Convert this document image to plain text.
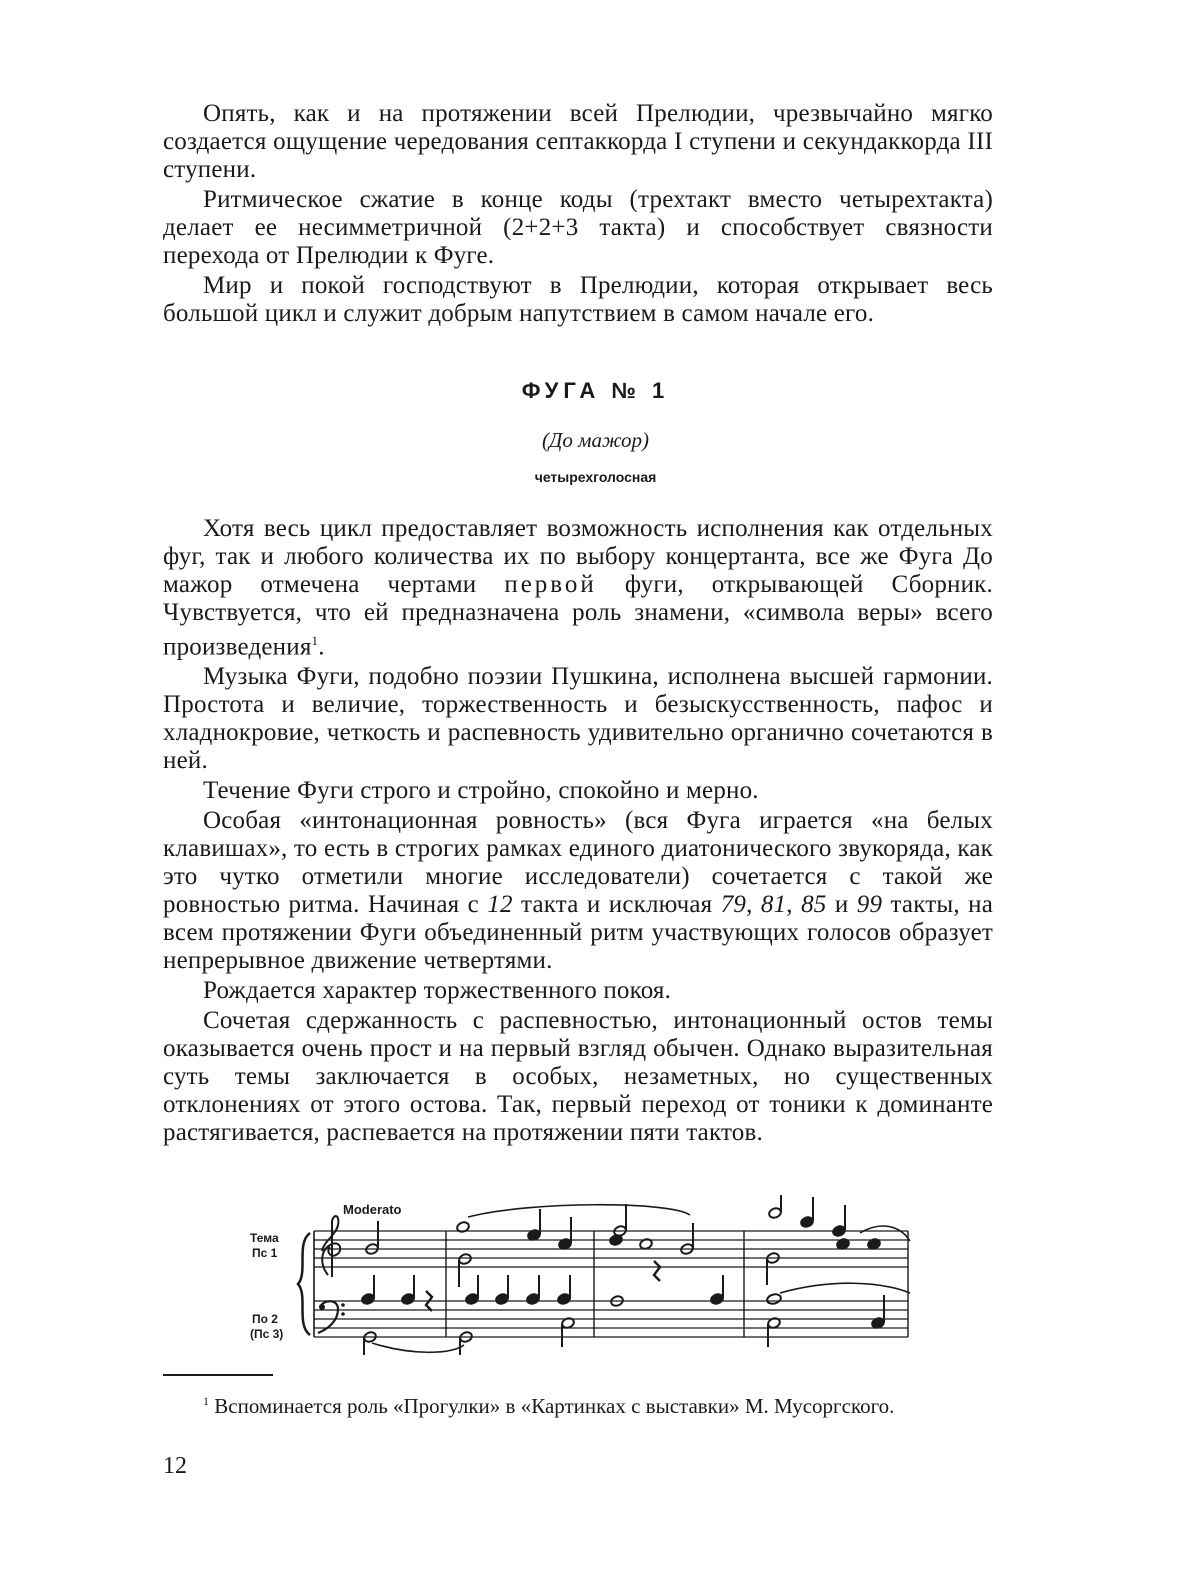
Опять, как и на протяжении всей Прелюдии, чрезвычайно мягко создается ощущение чередования септаккорда I ступени и секундаккорда III ступени.

Ритмическое сжатие в конце коды (трехтакт вместо четырехтакта) делает ее несимметричной (2+2+3 такта) и способствует связности перехода от Прелюдии к Фуге.

Мир и покой господствуют в Прелюдии, которая открывает весь большой цикл и служит добрым напутствием в самом начале его.

ФУГА № 1
(До мажор)
четырехголосная

Хотя весь цикл предоставляет возможность исполнения как отдельных фуг, так и любого количества их по выбору концертанта, все же Фуга До мажор отмечена чертами первой фуги, открывающей Сборник. Чувствуется, что ей предназначена роль знамени, «символа веры» всего произведения$^1$.

Музыка Фуги, подобно поэзии Пушкина, исполнена высшей гармонии. Простота и величие, торжественность и безыскусственность, пафос и хладнокровие, четкость и распевность удивительно органично сочетаются в ней.

Течение Фуги строго и стройно, спокойно и мерно.

Особая «интонационная ровность» (вся Фуга играется «на белых клавишах», то есть в строгих рамках единого диатонического звукоряда, как это чутко отметили многие исследователи) сочетается с такой же ровностью ритма. Начиная с 12 такта и исключая 79, 81, 85 и 99 такты, на всем протяжении Фуги объединенный ритм участвующих голосов образует непрерывное движение четвертями.

Рождается характер торжественного покоя.

Сочетая сдержанность с распевностью, интонационный остов темы оказывается очень прост и на первый взгляд обычен. Однако выразительная суть темы заключается в особых, незаметных, но существенных отклонениях от этого остова. Так, первый переход от тоники к доминанте растягивается, распевается на протяжении пяти тактов.

Moderato
Тема
Пс 1
По 2
(Пс 3)

$^1$ Вспоминается роль «Прогулки» в «Картинках с выставки» М. Мусоргского.

12
